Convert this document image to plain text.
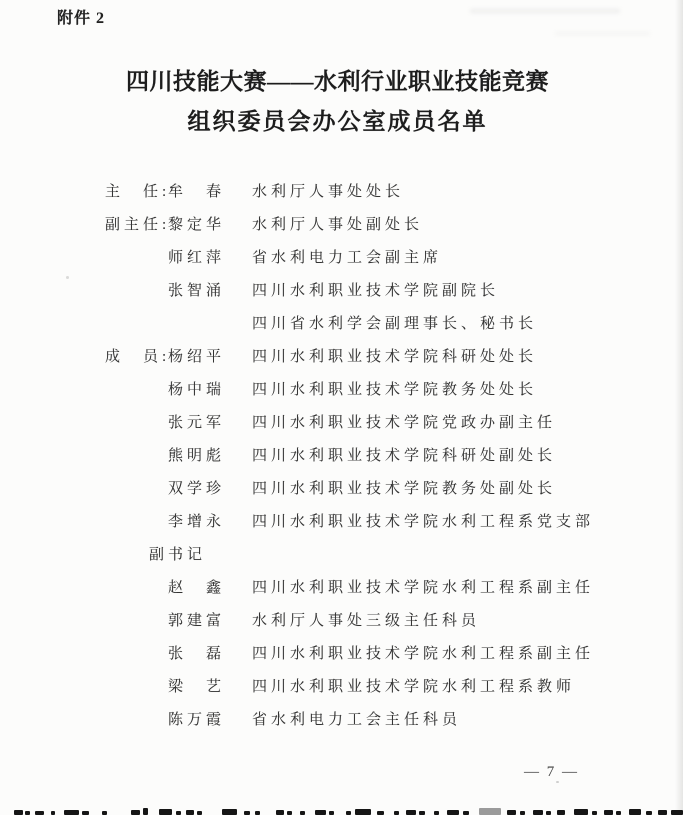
附件 2
四川技能大赛——水利行业职业技能竞赛
组织委员会办公室成员名单
主　任:
牟　春	水利厅人事处处长
副主任:
黎定华	水利厅人事处副处长
师红萍	省水利电力工会副主席
张智涌	四川水利职业技术学院副院长
四川省水利学会副理事长、秘书长
成　员:
杨绍平	四川水利职业技术学院科研处处长
杨中瑞	四川水利职业技术学院教务处处长
张元军	四川水利职业技术学院党政办副主任
熊明彪	四川水利职业技术学院科研处副处长
双学珍	四川水利职业技术学院教务处副处长
李增永	四川水利职业技术学院水利工程系党支部
副书记
赵　鑫	四川水利职业技术学院水利工程系副主任
郭建富	水利厅人事处三级主任科员
张　磊	四川水利职业技术学院水利工程系副主任
梁　艺	四川水利职业技术学院水利工程系教师
陈万霞	省水利电力工会主任科员
— 7 —
